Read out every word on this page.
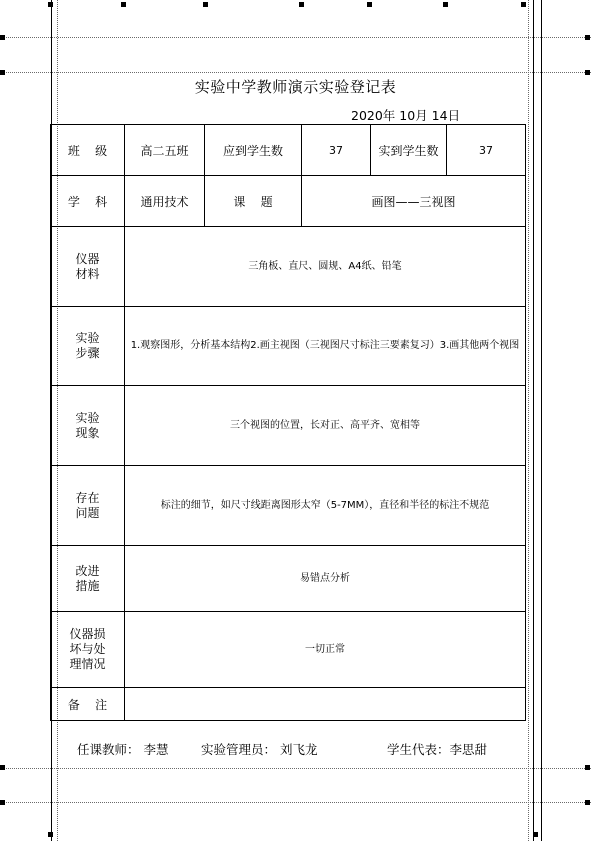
实验中学教师演示实验登记表
2020年 10月 14日
班    级	高二五班	应到学生数	37	实到学生数	37
学    科	通用技术	课    题	画图——三视图		

仪器
材料	三角板、直尺、圆规、A4纸、铅笔				

实验
步骤	1.观察图形，分析基本结构2.画主视图（三视图尺寸标注三要素复习）3.画其他两个视图				

实验
现象	三个视图的位置，长对正、高平齐、宽相等				

存在
问题	标注的细节，如尺寸线距离图形太窄（5-7MM），直径和半径的标注不规范				

改进
措施	易错点分析				

仪器损
坏与处
理情况	一切正常				
备    注					
任课教师： 李慧	实验管理员： 刘飞龙	学生代表：李思甜
